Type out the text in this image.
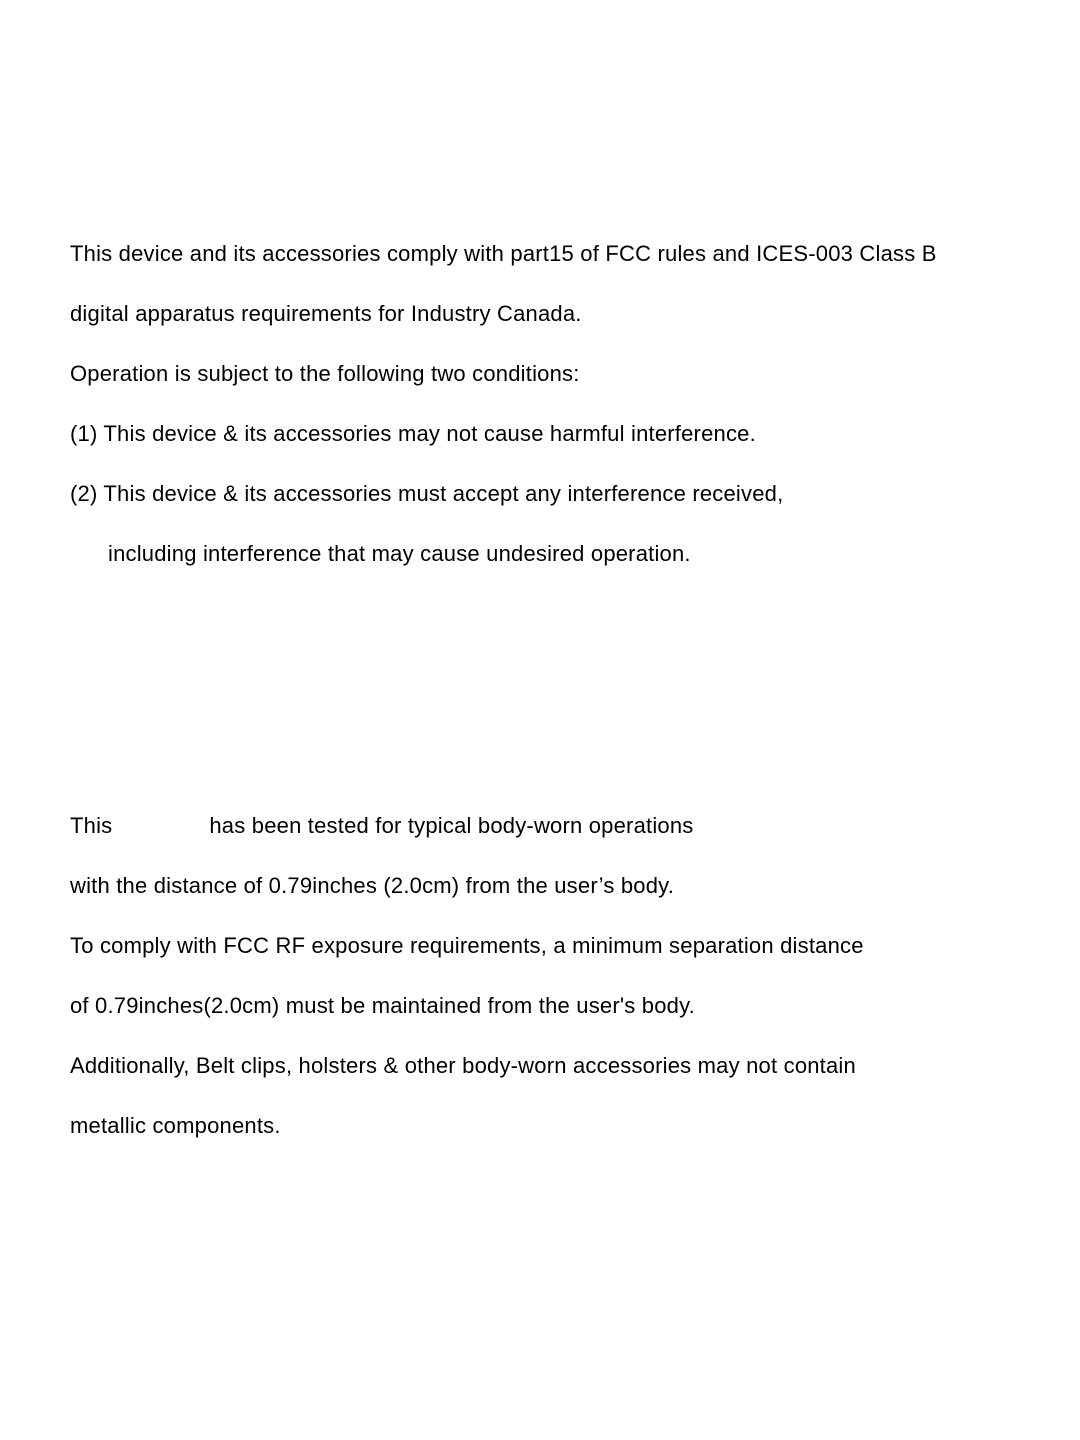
This device and its accessories comply with part15 of FCC rules and ICES-003 Class B
digital apparatus requirements for Industry Canada.
Operation is subject to the following two conditions:
(1) This device & its accessories may not cause harmful interference.
(2) This device & its accessories must accept any interference received,
including interference that may cause undesired operation.
This	has been tested for typical body-worn operations
with the distance of 0.79inches (2.0cm) from the user’s body.
To comply with FCC RF exposure requirements, a minimum separation distance
of 0.79inches(2.0cm) must be maintained from the user's body.
Additionally, Belt clips, holsters & other body-worn accessories may not contain
metallic components.
